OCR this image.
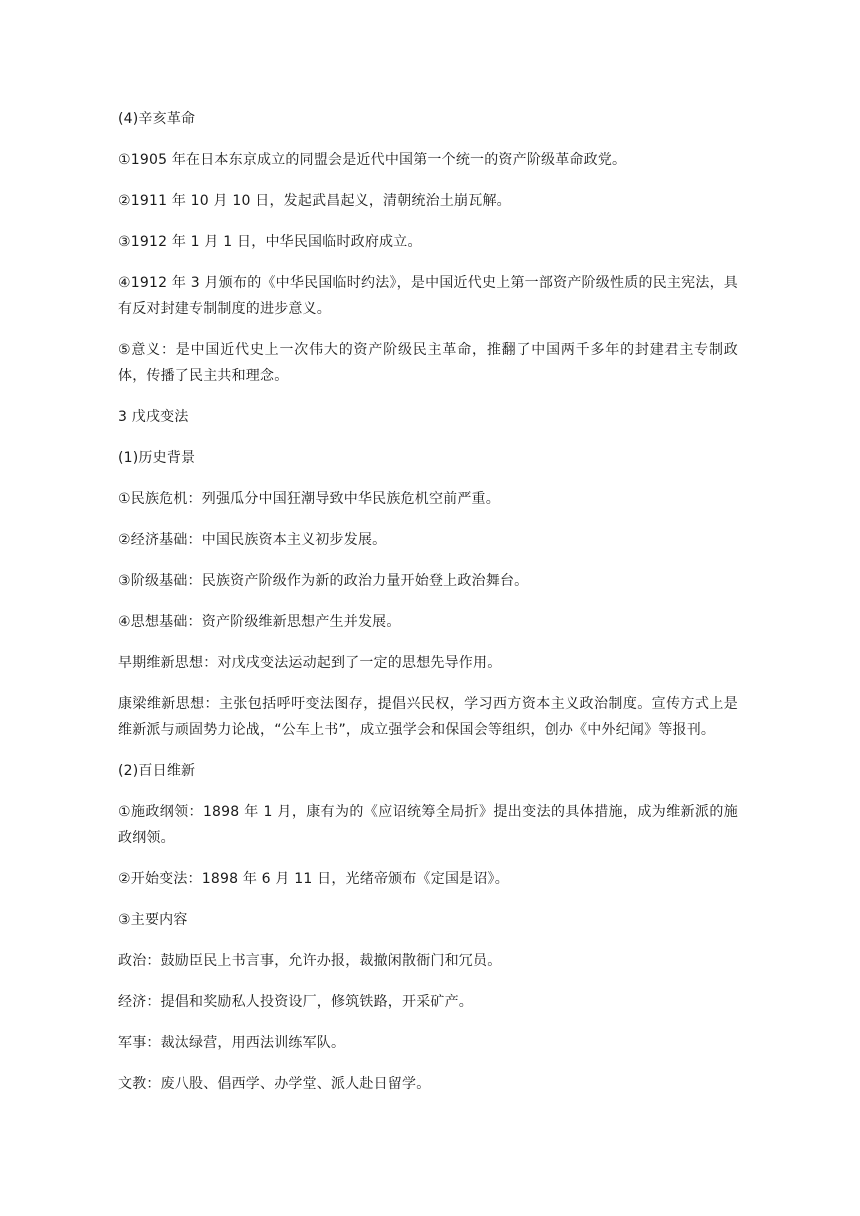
(4)辛亥革命

①1905 年在日本东京成立的同盟会是近代中国第一个统一的资产阶级革命政党。

②1911 年 10 月 10 日，发起武昌起义，清朝统治土崩瓦解。

③1912 年 1 月 1 日，中华民国临时政府成立。

④1912 年 3 月颁布的《中华民国临时约法》，是中国近代史上第一部资产阶级性质的民主宪法，具有反对封建专制制度的进步意义。

⑤意义：是中国近代史上一次伟大的资产阶级民主革命，推翻了中国两千多年的封建君主专制政体，传播了民主共和理念。

3 戊戌变法

(1)历史背景

①民族危机：列强瓜分中国狂潮导致中华民族危机空前严重。

②经济基础：中国民族资本主义初步发展。

③阶级基础：民族资产阶级作为新的政治力量开始登上政治舞台。

④思想基础：资产阶级维新思想产生并发展。

早期维新思想：对戊戌变法运动起到了一定的思想先导作用。

康梁维新思想：主张包括呼吁变法图存，提倡兴民权，学习西方资本主义政治制度。宣传方式上是维新派与顽固势力论战，“公车上书”，成立强学会和保国会等组织，创办《中外纪闻》等报刊。

(2)百日维新

①施政纲领：1898 年 1 月，康有为的《应诏统筹全局折》提出变法的具体措施，成为维新派的施政纲领。

②开始变法：1898 年 6 月 11 日，光绪帝颁布《定国是诏》。

③主要内容

政治：鼓励臣民上书言事，允许办报，裁撤闲散衙门和冗员。

经济：提倡和奖励私人投资设厂，修筑铁路，开采矿产。

军事：裁汰绿营，用西法训练军队。

文教：废八股、倡西学、办学堂、派人赴日留学。
